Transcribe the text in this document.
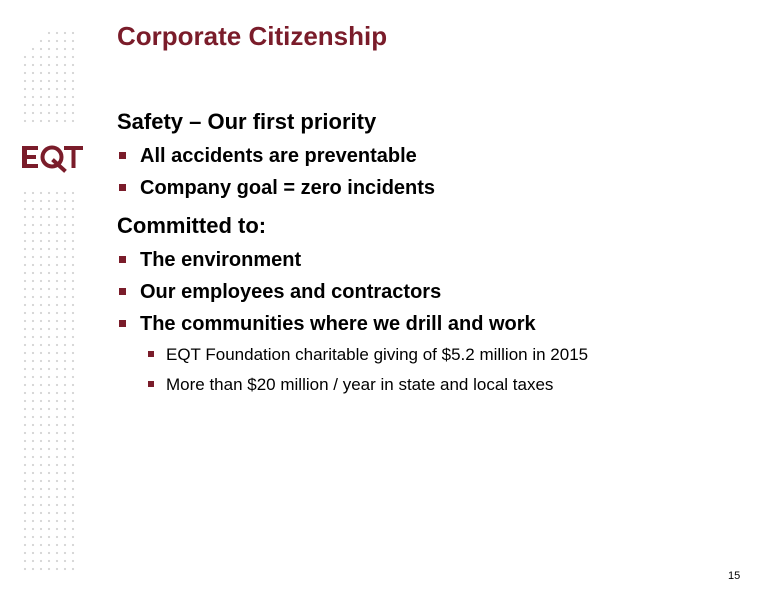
Corporate Citizenship
Safety – Our first priority
All accidents are preventable
Company goal = zero incidents
Committed to:
The environment
Our employees and contractors
The communities where we drill and work
EQT Foundation charitable giving of $5.2 million in 2015
More than $20 million / year in state and local taxes
15
